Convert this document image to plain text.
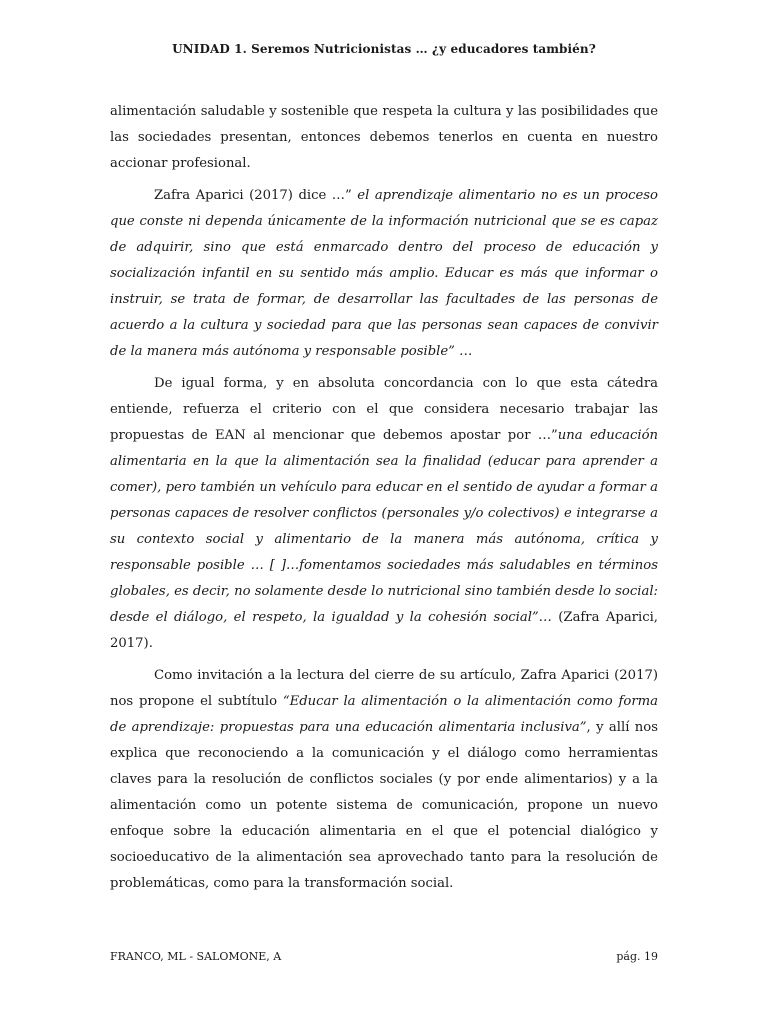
UNIDAD 1. Seremos Nutricionistas … ¿y educadores también?

alimentación saludable y sostenible que respeta la cultura y las posibilidades que las sociedades presentan, entonces debemos tenerlos en cuenta en nuestro accionar profesional.

Zafra Aparici (2017) dice …” el aprendizaje alimentario no es un proceso que conste ni dependa únicamente de la información nutricional que se es capaz de adquirir, sino que está enmarcado dentro del proceso de educación y socialización infantil en su sentido más amplio. Educar es más que informar o instruir, se trata de formar, de desarrollar las facultades de las personas de acuerdo a la cultura y sociedad para que las personas sean capaces de convivir de la manera más autónoma y responsable posible” …

De igual forma, y en absoluta concordancia con lo que esta cátedra entiende, refuerza el criterio con el que considera necesario trabajar las propuestas de EAN al mencionar que debemos apostar por …”una educación alimentaria en la que la alimentación sea la finalidad (educar para aprender a comer), pero también un vehículo para educar en el sentido de ayudar a formar a personas capaces de resolver conflictos (personales y/o colectivos) e integrarse a su contexto social y alimentario de la manera más autónoma, crítica y responsable posible … [ ]…fomentamos sociedades más saludables en términos globales, es decir, no solamente desde lo nutricional sino también desde lo social: desde el diálogo, el respeto, la igualdad y la cohesión social”… (Zafra Aparici, 2017).

Como invitación a la lectura del cierre de su artículo, Zafra Aparici (2017) nos propone el subtítulo “Educar la alimentación o la alimentación como forma de aprendizaje: propuestas para una educación alimentaria inclusiva”, y allí nos explica que reconociendo a la comunicación y el diálogo como herramientas claves para la resolución de conflictos sociales (y por ende alimentarios) y a la alimentación como un potente sistema de comunicación, propone un nuevo enfoque sobre la educación alimentaria en el que el potencial dialógico y socioeducativo de la alimentación sea aprovechado tanto para la resolución de problemáticas, como para la transformación social.

FRANCO, ML - SALOMONE, A	pág. 19
